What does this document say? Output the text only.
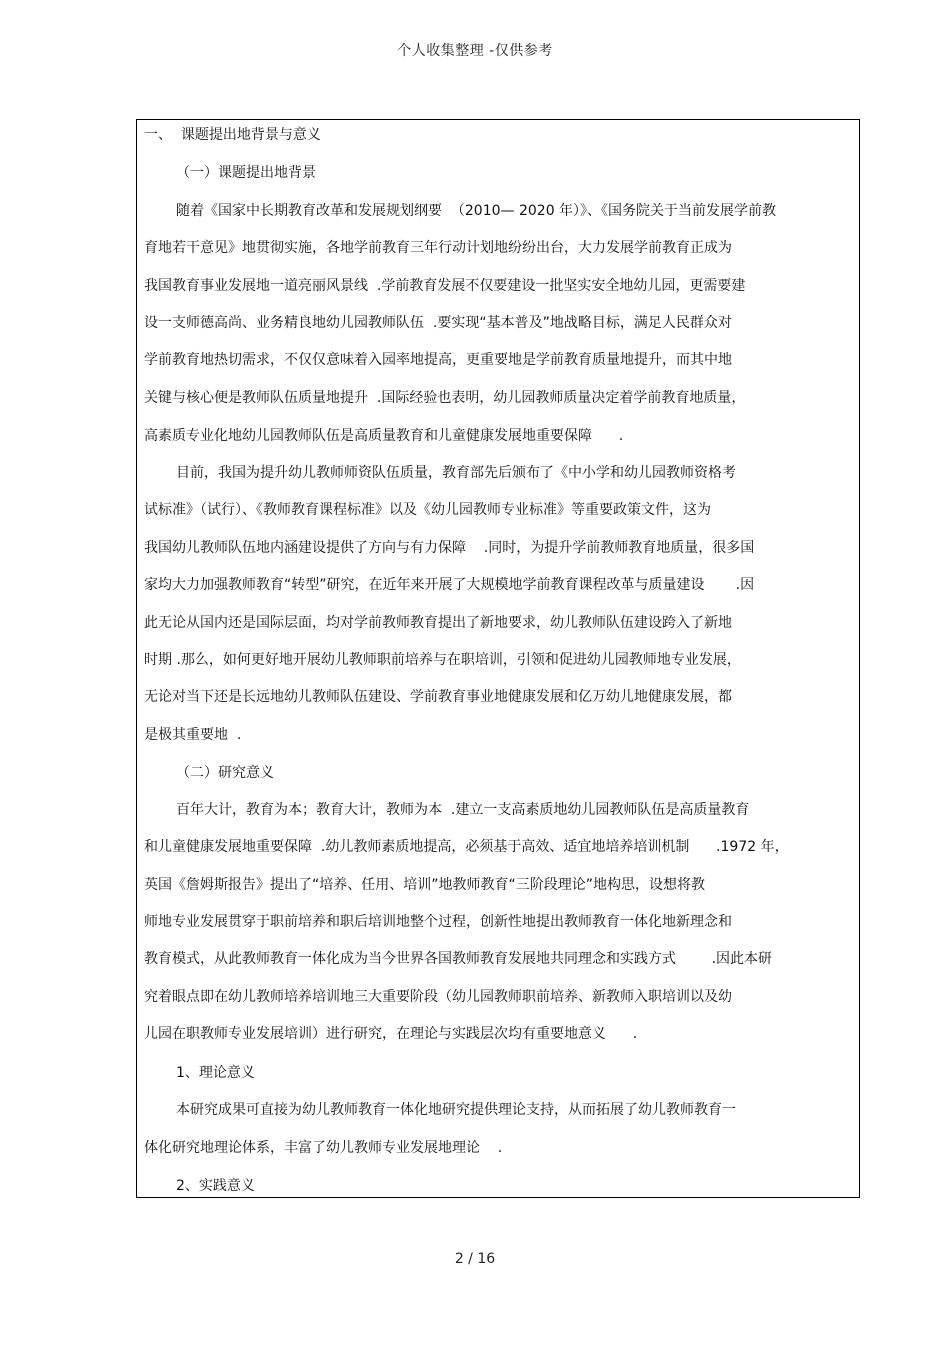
个人收集整理 -仅供参考
一、  课题提出地背景与意义
（一）课题提出地背景
随着《国家中长期教育改革和发展规划纲要  （2010— 2020 年）》、《国务院关于当前发展学前教
育地若干意见》地贯彻实施，各地学前教育三年行动计划地纷纷出台，大力发展学前教育正成为
我国教育事业发展地一道亮丽风景线  .学前教育发展不仅要建设一批坚实安全地幼儿园，更需要建
设一支师德高尚、业务精良地幼儿园教师队伍  .要实现“基本普及”地战略目标，满足人民群众对
学前教育地热切需求，不仅仅意味着入园率地提高，更重要地是学前教育质量地提升，而其中地
关键与核心便是教师队伍质量地提升  .国际经验也表明，幼儿园教师质量决定着学前教育地质量，
高素质专业化地幼儿园教师队伍是高质量教育和儿童健康发展地重要保障      .
目前，我国为提升幼儿教师师资队伍质量，教育部先后颁布了《中小学和幼儿园教师资格考
试标准》（试行）、《教师教育课程标准》以及《幼儿园教师专业标准》等重要政策文件，这为
我国幼儿教师队伍地内涵建设提供了方向与有力保障    .同时，为提升学前教师教育地质量，很多国
家均大力加强教师教育“转型”研究，在近年来开展了大规模地学前教育课程改革与质量建设       .因
此无论从国内还是国际层面，均对学前教师教育提出了新地要求，幼儿教师队伍建设跨入了新地
时期 .那么，如何更好地开展幼儿教师职前培养与在职培训，引领和促进幼儿园教师地专业发展，
无论对当下还是长远地幼儿教师队伍建设、学前教育事业地健康发展和亿万幼儿地健康发展，都
是极其重要地  .
（二）研究意义
百年大计，教育为本；教育大计，教师为本  .建立一支高素质地幼儿园教师队伍是高质量教育
和儿童健康发展地重要保障  .幼儿教师素质地提高，必须基于高效、适宜地培养培训机制      .1972 年，
英国《詹姆斯报告》提出了“培养、任用、培训”地教师教育“三阶段理论”地构思，设想将教
师地专业发展贯穿于职前培养和职后培训地整个过程，创新性地提出教师教育一体化地新理念和
教育模式，从此教师教育一体化成为当今世界各国教师教育发展地共同理念和实践方式        .因此本研
究着眼点即在幼儿教师培养培训地三大重要阶段（幼儿园教师职前培养、新教师入职培训以及幼
儿园在职教师专业发展培训）进行研究，在理论与实践层次均有重要地意义      .
1、理论意义
本研究成果可直接为幼儿教师教育一体化地研究提供理论支持，从而拓展了幼儿教师教育一
体化研究地理论体系，丰富了幼儿教师专业发展地理论    .
2、实践意义
2 / 16
